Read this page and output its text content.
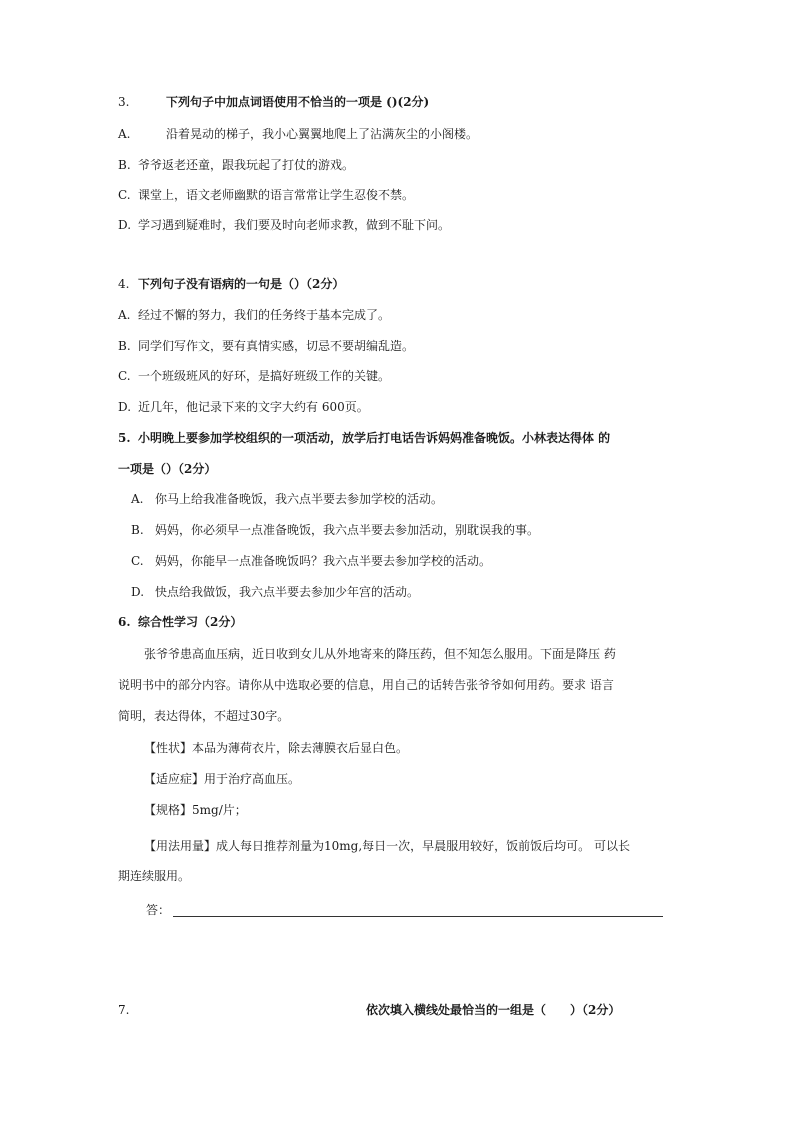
3.	下列句子中加点词语使用不恰当的一项是 ()(2分)
A.	沿着晃动的梯子，我小心翼翼地爬上了沾满灰尘的小阁楼。
B. 爷爷返老还童，跟我玩起了打仗的游戏。
C. 课堂上，语文老师幽默的语言常常让学生忍俊不禁。
D. 学习遇到疑难时，我们要及时向老师求教，做到不耻下问。
4. 下列句子没有语病的一句是（）（2分）
A. 经过不懈的努力，我们的任务终于基本完成了。
B. 同学们写作文，要有真情实感，切忌不要胡编乱造。
C. 一个班级班风的好环，是搞好班级工作的关键。
D. 近几年，他记录下来的文字大约有 600页。
5. 小明晚上要参加学校组织的一项活动，放学后打电话告诉妈妈准备晚饭。小林表达得体 的
一项是（）（2分）
A. 你马上给我准备晚饭，我六点半要去参加学校的活动。
B. 妈妈，你必须早一点准备晚饭，我六点半要去参加活动，别耽误我的事。
C. 妈妈，你能早一点准备晚饭吗？我六点半要去参加学校的活动。
D. 快点给我做饭，我六点半要去参加少年宫的活动。
6. 综合性学习（2分）
张爷爷患高血压病，近日收到女儿从外地寄来的降压药，但不知怎么服用。下面是降压 药
说明书中的部分内容。请你从中选取必要的信息，用自己的话转告张爷爷如何用药。要求 语言
简明，表达得体，不超过30字。
【性状】本品为薄荷衣片，除去薄膜衣后显白色。
【适应症】用于治疗高血压。
【规格】5mg/片；
【用法用量】成人每日推荐剂量为10mg,每日一次，早晨服用较好，饭前饭后均可。 可以长
期连续服用。
答：
7.	依次填入横线处最恰当的一组是（　　）（2分）
